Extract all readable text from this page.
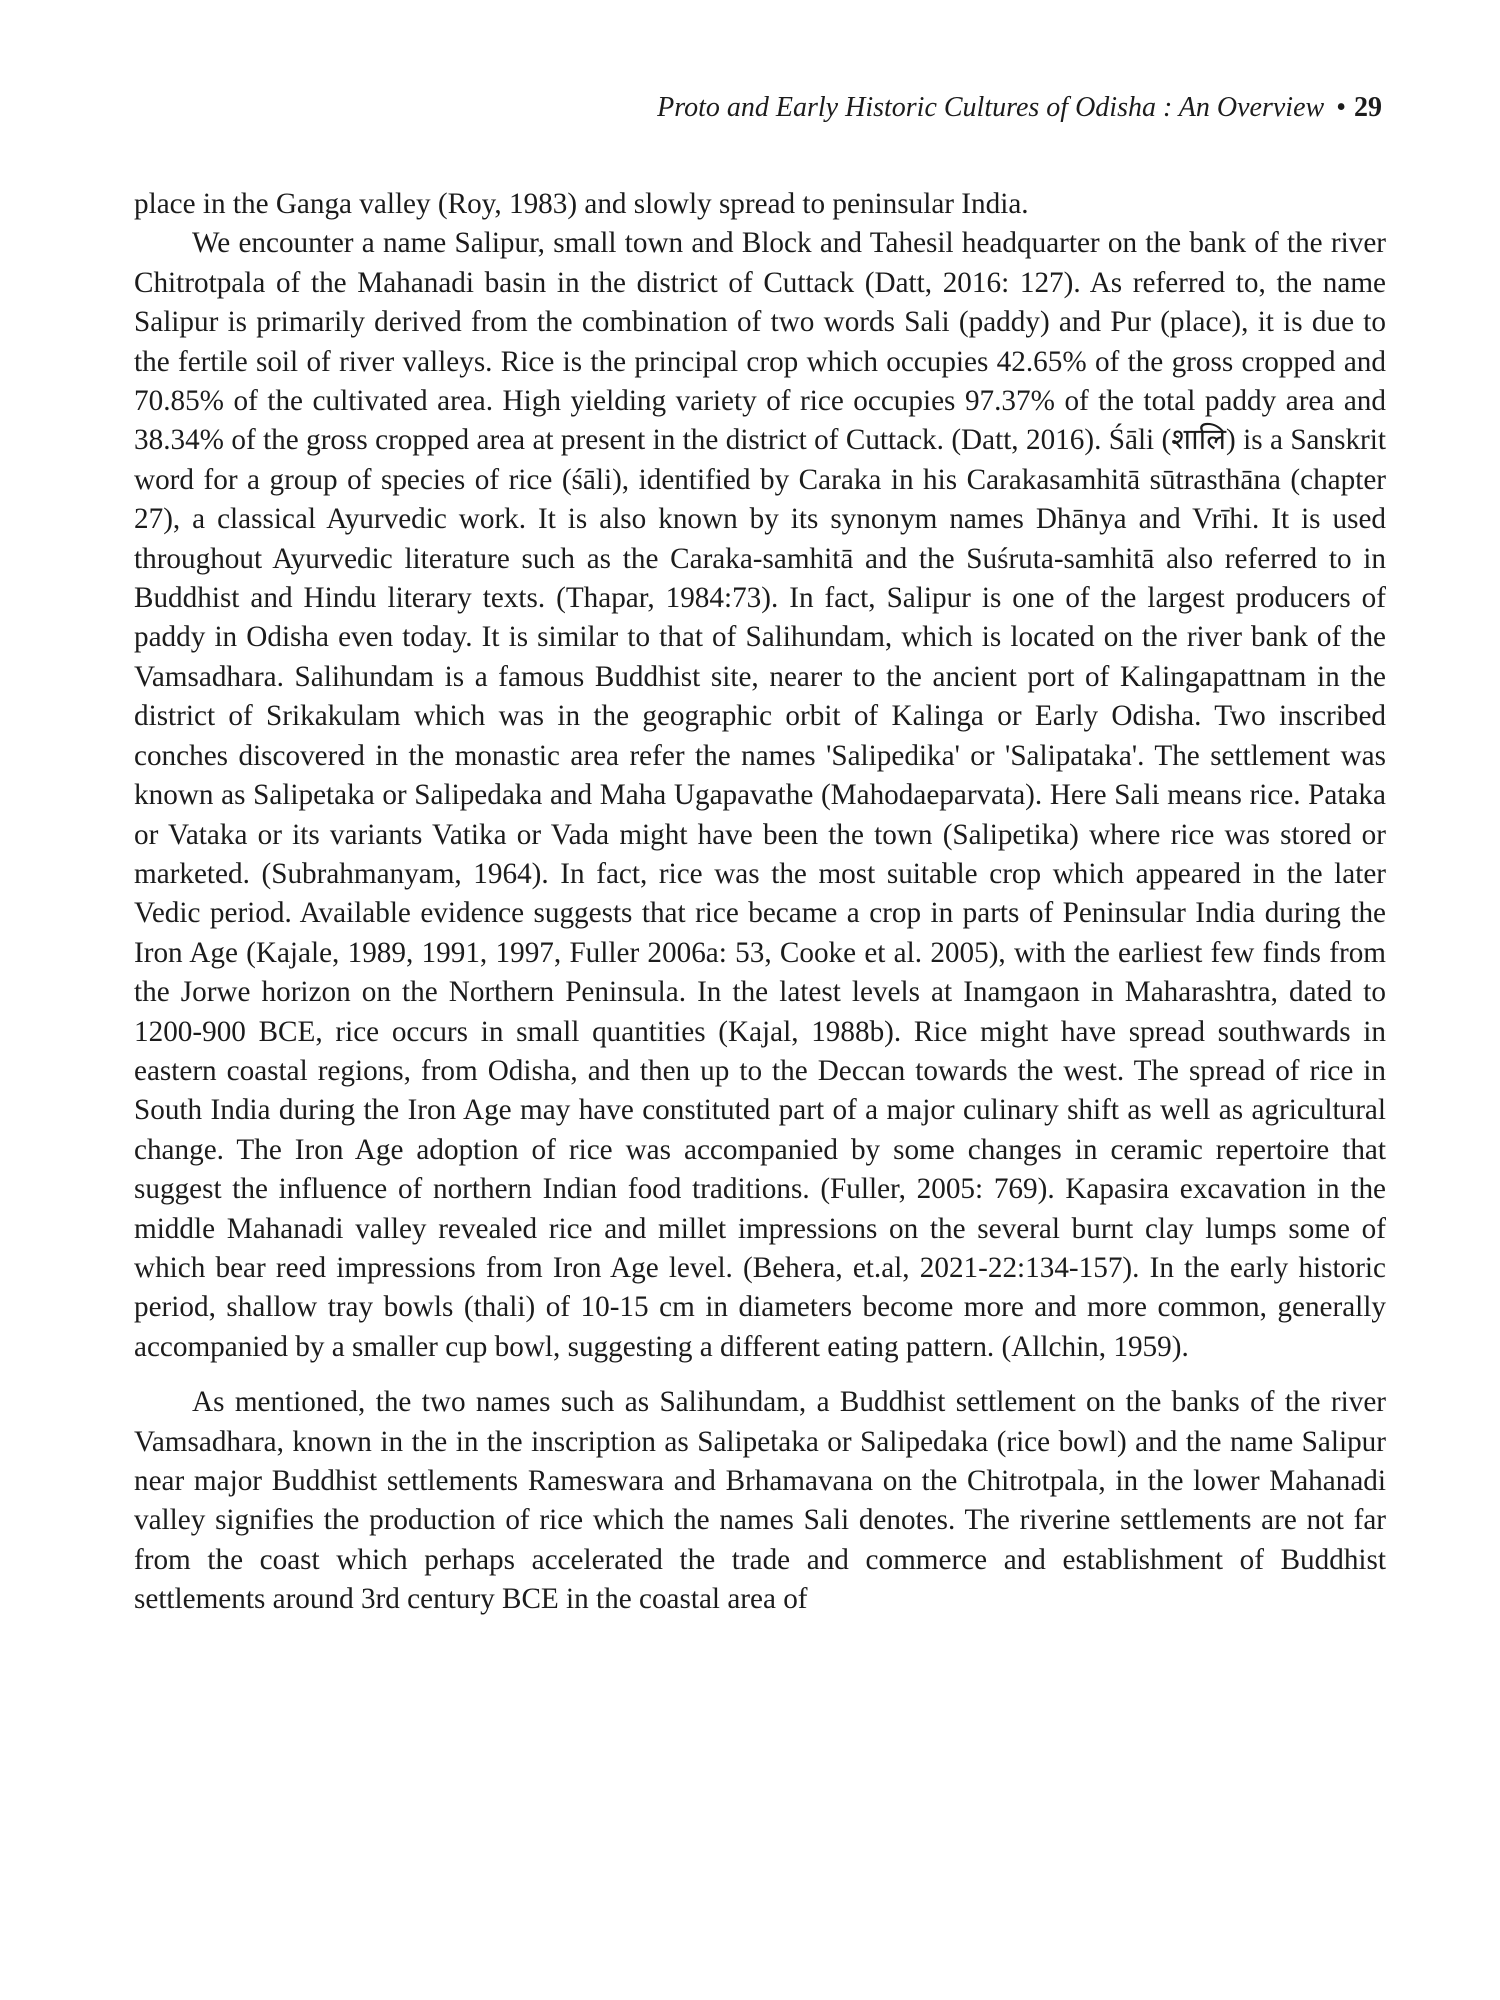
Proto and Early Historic Cultures of Odisha : An Overview • 29

place in the Ganga valley (Roy, 1983) and slowly spread to peninsular India.

We encounter a name Salipur, small town and Block and Tahesil headquarter on the bank of the river Chitrotpala of the Mahanadi basin in the district of Cuttack (Datt, 2016: 127). As referred to, the name Salipur is primarily derived from the combination of two words Sali (paddy) and Pur (place), it is due to the fertile soil of river valleys. Rice is the principal crop which occupies 42.65% of the gross cropped and 70.85% of the cultivated area. High yielding variety of rice occupies 97.37% of the total paddy area and 38.34% of the gross cropped area at present in the district of Cuttack. (Datt, 2016). Śāli (शालि) is a Sanskrit word for a group of species of rice (śāli), identified by Caraka in his Carakasamhitā sūtrasthāna (chapter 27), a classical Ayurvedic work. It is also known by its synonym names Dhānya and Vrīhi. It is used throughout Ayurvedic literature such as the Caraka-samhitā and the Suśruta-samhitā also referred to in Buddhist and Hindu literary texts. (Thapar, 1984:73). In fact, Salipur is one of the largest producers of paddy in Odisha even today. It is similar to that of Salihundam, which is located on the river bank of the Vamsadhara. Salihundam is a famous Buddhist site, nearer to the ancient port of Kalingapattnam in the district of Srikakulam which was in the geographic orbit of Kalinga or Early Odisha. Two inscribed conches discovered in the monastic area refer the names 'Salipedika' or 'Salipataka'. The settlement was known as Salipetaka or Salipedaka and Maha Ugapavathe (Mahodaeparvata). Here Sali means rice. Pataka or Vataka or its variants Vatika or Vada might have been the town (Salipetika) where rice was stored or marketed. (Subrahmanyam, 1964). In fact, rice was the most suitable crop which appeared in the later Vedic period. Available evidence suggests that rice became a crop in parts of Peninsular India during the Iron Age (Kajale, 1989, 1991, 1997, Fuller 2006a: 53, Cooke et al. 2005), with the earliest few finds from the Jorwe horizon on the Northern Peninsula. In the latest levels at Inamgaon in Maharashtra, dated to 1200-900 BCE, rice occurs in small quantities (Kajal, 1988b). Rice might have spread southwards in eastern coastal regions, from Odisha, and then up to the Deccan towards the west. The spread of rice in South India during the Iron Age may have constituted part of a major culinary shift as well as agricultural change. The Iron Age adoption of rice was accompanied by some changes in ceramic repertoire that suggest the influence of northern Indian food traditions. (Fuller, 2005: 769). Kapasira excavation in the middle Mahanadi valley revealed rice and millet impressions on the several burnt clay lumps some of which bear reed impressions from Iron Age level. (Behera, et.al, 2021-22:134-157). In the early historic period, shallow tray bowls (thali) of 10-15 cm in diameters become more and more common, generally accompanied by a smaller cup bowl, suggesting a different eating pattern. (Allchin, 1959).

As mentioned, the two names such as Salihundam, a Buddhist settlement on the banks of the river Vamsadhara, known in the in the inscription as Salipetaka or Salipedaka (rice bowl) and the name Salipur near major Buddhist settlements Rameswara and Brhamavana on the Chitrotpala, in the lower Mahanadi valley signifies the production of rice which the names Sali denotes. The riverine settlements are not far from the coast which perhaps accelerated the trade and commerce and establishment of Buddhist settlements around 3rd century BCE in the coastal area of
